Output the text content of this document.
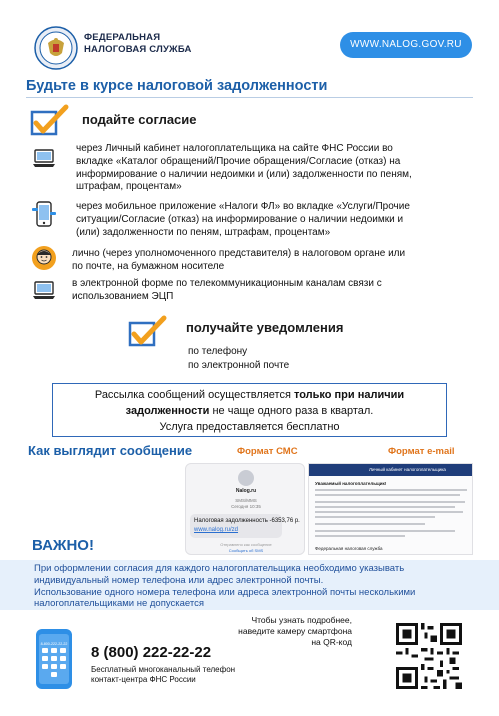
ФЕДЕРАЛЬНАЯ
НАЛОГОВАЯ СЛУЖБА	WWW.NALOG.GOV.RU
Будьте в курсе налоговой задолженности
подайте согласие
через Личный кабинет налогоплательщика на сайте ФНС России во
вкладке «Каталог обращений/Прочие обращения/Согласие (отказ) на
информирование о наличии недоимки и (или) задолженности по пеням,
штрафам, процентам»
через мобильное приложение «Налоги ФЛ» во вкладке «Услуги/Прочие
ситуации/Согласие (отказ) на информирование о наличии недоимки и
(или) задолженности по пеням, штрафам, процентам»
лично (через уполномоченного представителя) в налоговом органе или
по почте, на бумажном носителе
в электронной форме по телекоммуникационным каналам связи с
использованием ЭЦП
получайте уведомления
по телефону
по электронной почте
Рассылка сообщений осуществляется только при наличии
задолженности не чаще одного раза в квартал.
Услуга предоставляется бесплатно
Как выглядит сообщение	Формат СМС	Формат e-mail
Nalog.ru
SMS/MMS
Сегодня 10:35
Налоговая задолженность -6353,76 р.
www.nalog.ru/zd
Отправлено как сообщение
Сообщить об SMS
Личный кабинет налогоплательщика
Уважаемый налогоплательщик!
Федеральная налоговая служба
ВАЖНО!
При оформлении согласия для каждого налогоплательщика необходимо указывать
индивидуальный номер телефона или адрес электронной почты.
Использование одного номера телефона или адреса электронной почты несколькими
налогоплательщиками не допускается
8-800-222-22-22 8 (800) 222-22-22
Бесплатный многоканальный телефон
контакт-центра ФНС России
Чтобы узнать подробнее,
наведите камеру смартфона на QR-код
